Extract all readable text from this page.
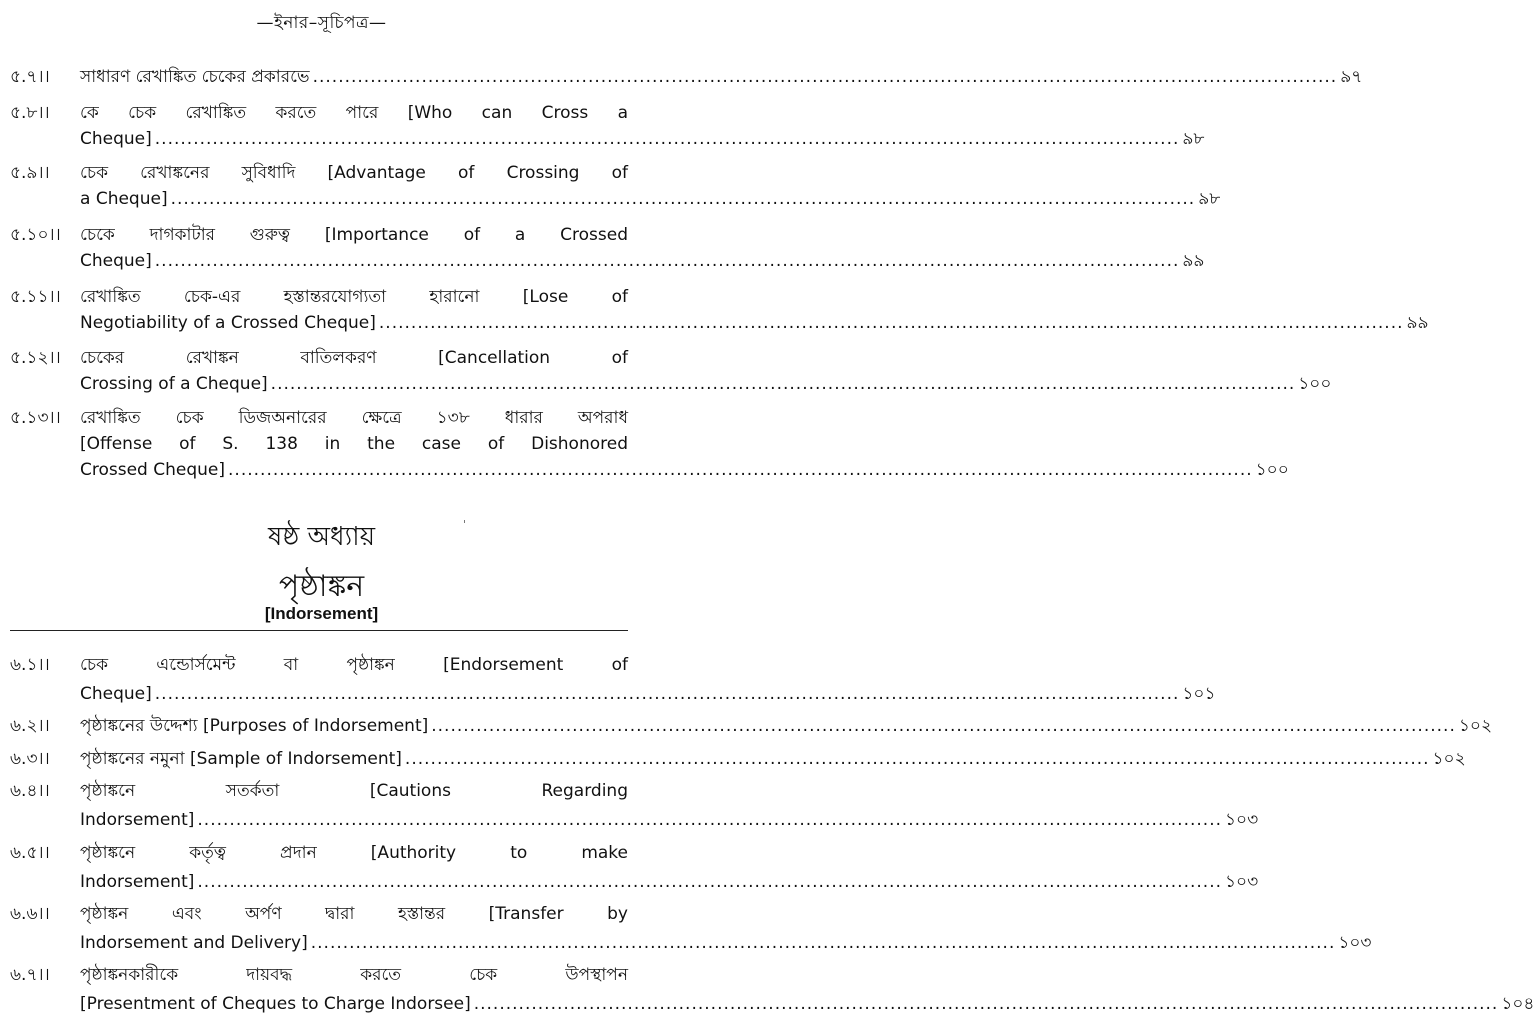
—ইনার–সূচিপত্র—
৫.৭।।	সাধারণ রেখাঙ্কিত চেকের প্রকারভে ................................................................................................................................................................ ৯৭
৫.৮।।	কে চেক রেখাঙ্কিত করতে পারে [Who can Cross a
Cheque] ................................................................................................................................................................ ৯৮
৫.৯।।	চেক রেখাঙ্কনের সুবিধাদি [Advantage of Crossing of
a Cheque] ................................................................................................................................................................ ৯৮
৫.১০।।	চেকে দাগকাটার গুরুত্ব [Importance of a Crossed
Cheque] ................................................................................................................................................................ ৯৯
৫.১১।।	রেখাঙ্কিত চেক-এর হস্তান্তরযোগ্যতা হারানো [Lose of
Negotiability of a Crossed Cheque] ................................................................................................................................................................ ৯৯
৫.১২।।	চেকের রেখাঙ্কন বাতিলকরণ [Cancellation of
Crossing of a Cheque] ................................................................................................................................................................ ১০০
৫.১৩।।	রেখাঙ্কিত চেক ডিজঅনারের ক্ষেত্রে ১৩৮ ধারার অপরাধ
[Offense of S. 138 in the case of Dishonored
Crossed Cheque] ................................................................................................................................................................ ১০০
ষষ্ঠ অধ্যায়
পৃষ্ঠাঙ্কন
[Indorsement]
৬.১।।	চেক এন্ডোর্সমেন্ট বা পৃষ্ঠাঙ্কন [Endorsement of
Cheque] ................................................................................................................................................................ ১০১
৬.২।।	পৃষ্ঠাঙ্কনের উদ্দেশ্য [Purposes of Indorsement] ................................................................................................................................................................ ১০২
৬.৩।।	পৃষ্ঠাঙ্কনের নমুনা [Sample of Indorsement] ................................................................................................................................................................ ১০২
৬.৪।।	পৃষ্ঠাঙ্কনে সতর্কতা [Cautions Regarding
Indorsement] ................................................................................................................................................................ ১০৩
৬.৫।।	পৃষ্ঠাঙ্কনে কর্তৃত্ব প্রদান [Authority to make
Indorsement] ................................................................................................................................................................ ১০৩
৬.৬।।	পৃষ্ঠাঙ্কন এবং অর্পণ দ্বারা হস্তান্তর [Transfer by
Indorsement and Delivery] ................................................................................................................................................................ ১০৩
৬.৭।।	পৃষ্ঠাঙ্কনকারীকে দায়বদ্ধ করতে চেক উপস্থাপন
[Presentment of Cheques to Charge Indorsee] ................................................................................................................................................................ ১০৪
